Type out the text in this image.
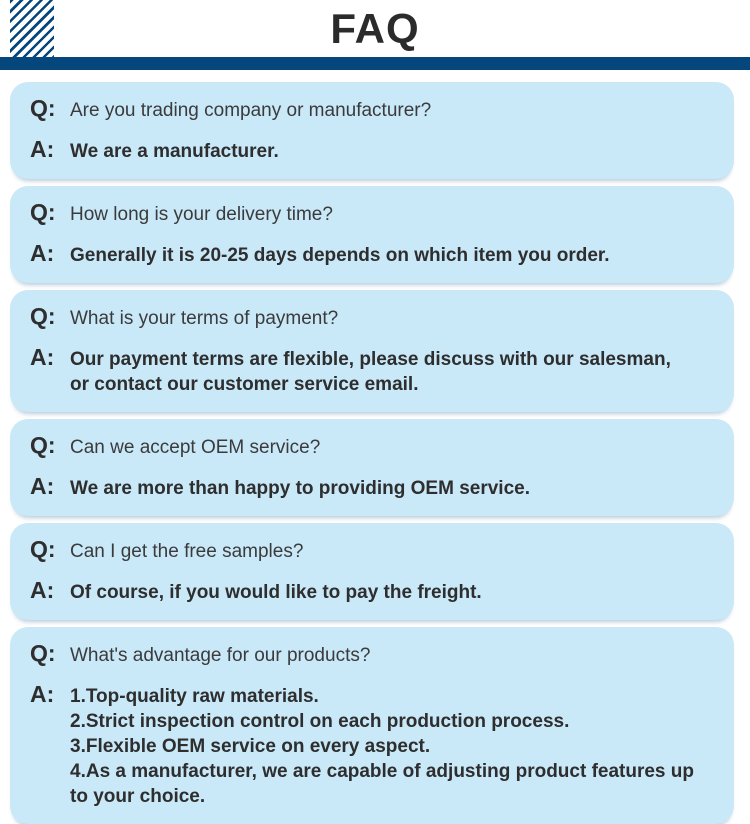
FAQ
Q: Are you trading company or manufacturer?
A: We are a manufacturer.
Q: How long is your delivery time?
A: Generally it is 20-25 days depends on which item you order.
Q: What is your terms of payment?
A: Our payment terms are flexible, please discuss with our salesman,
or contact our customer service email.
Q: Can we accept OEM service?
A: We are more than happy to providing OEM service.
Q: Can I get the free samples?
A: Of course, if you would like to pay the freight.
Q: What's advantage for our products?
A: 1.Top-quality raw materials.
2.Strict inspection control on each production process.
3.Flexible OEM service on every aspect.
4.As a manufacturer, we are capable of adjusting product features up
to your choice.
